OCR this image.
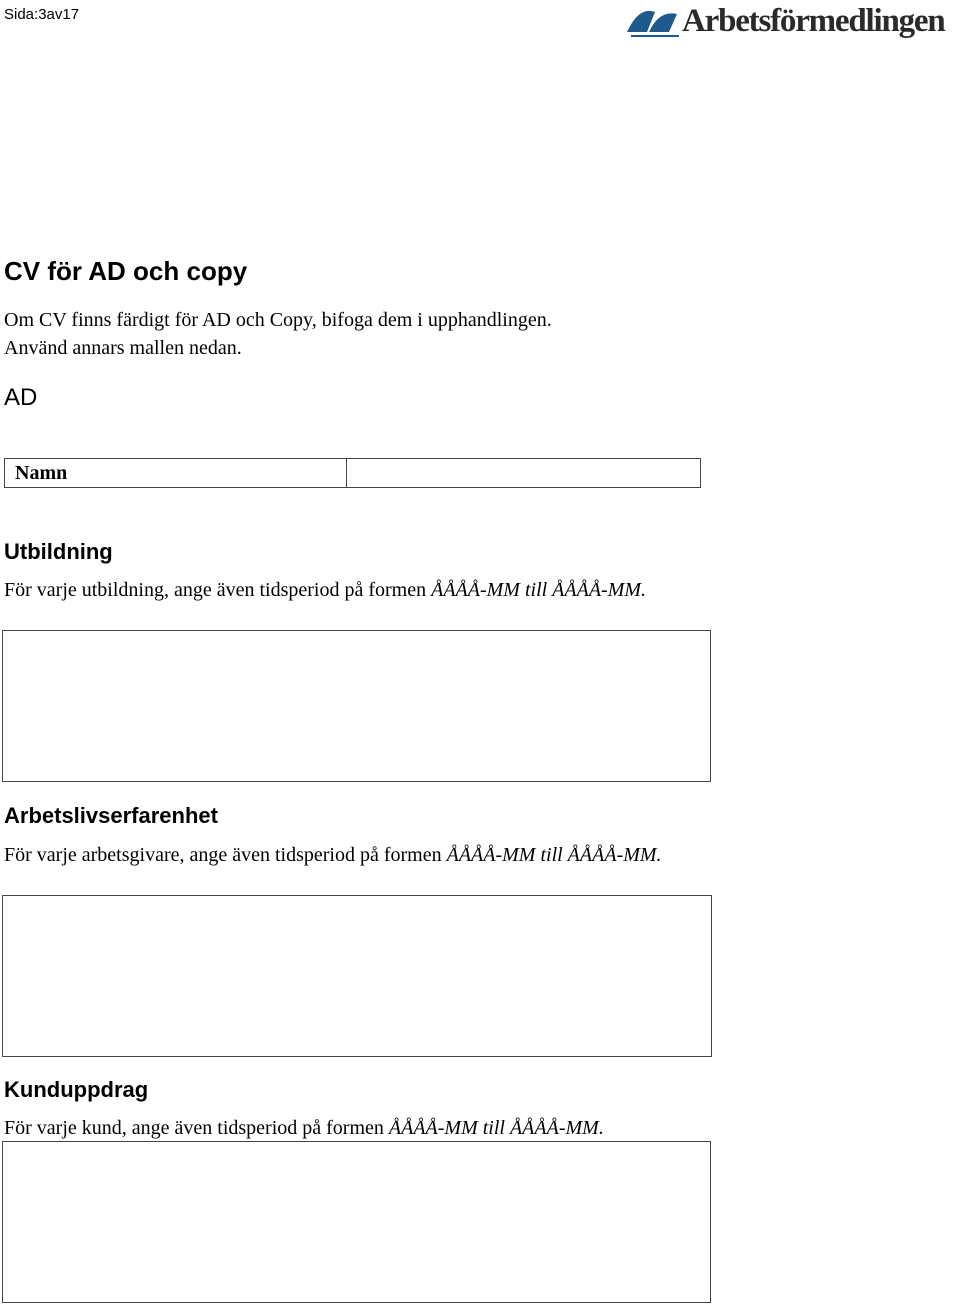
Sida:3av17	Arbetsförmedlingen
CV för AD och copy
Om CV finns färdigt för AD och Copy, bifoga dem i upphandlingen.
Använd annars mallen nedan.
AD
Namn	
Utbildning
För varje utbildning, ange även tidsperiod på formen ÅÅÅÅ-MM till ÅÅÅÅ-MM.
Arbetslivserfarenhet
För varje arbetsgivare, ange även tidsperiod på formen ÅÅÅÅ-MM till ÅÅÅÅ-MM.
Kunduppdrag
För varje kund, ange även tidsperiod på formen ÅÅÅÅ-MM till ÅÅÅÅ-MM.
